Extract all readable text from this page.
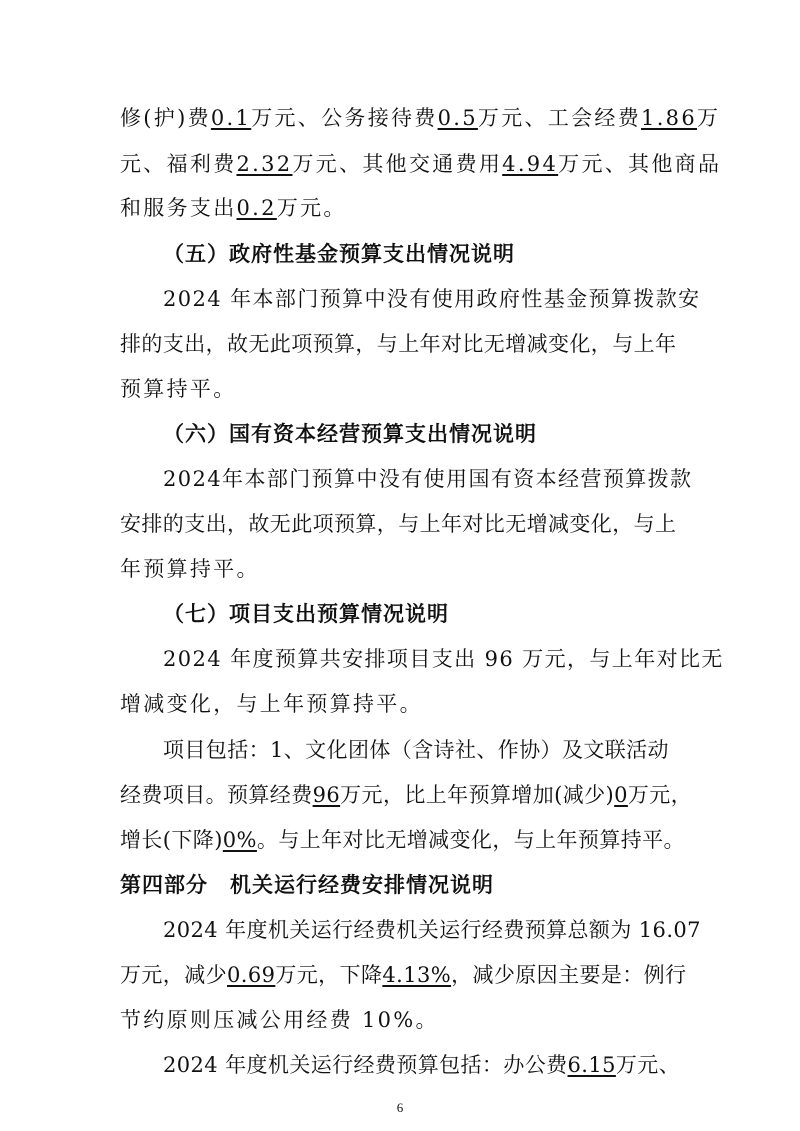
修(护)费0.1万元、公务接待费0.5万元、工会经费1.86万
元、福利费2.32万元、其他交通费用4.94万元、其他商品
和服务支出0.2万元。
（五）政府性基金预算支出情况说明
2024 年本部门预算中没有使用政府性基金预算拨款安
排的支出，故无此项预算，与上年对比无增减变化，与上年
预算持平。
（六）国有资本经营预算支出情况说明
2024年本部门预算中没有使用国有资本经营预算拨款
安排的支出，故无此项预算，与上年对比无增减变化，与上
年预算持平。
（七）项目支出预算情况说明
2024 年度预算共安排项目支出 96 万元，与上年对比无
增减变化，与上年预算持平。
项目包括：1、文化团体（含诗社、作协）及文联活动
经费项目。预算经费96万元，比上年预算增加(减少)0万元，
增长(下降)0%。与上年对比无增减变化，与上年预算持平。
第四部分　机关运行经费安排情况说明
2024 年度机关运行经费机关运行经费预算总额为 16.07
万元，减少0.69万元，下降4.13%，减少原因主要是：例行
节约原则压减公用经费 10%。
2024 年度机关运行经费预算包括：办公费6.15万元、
6
